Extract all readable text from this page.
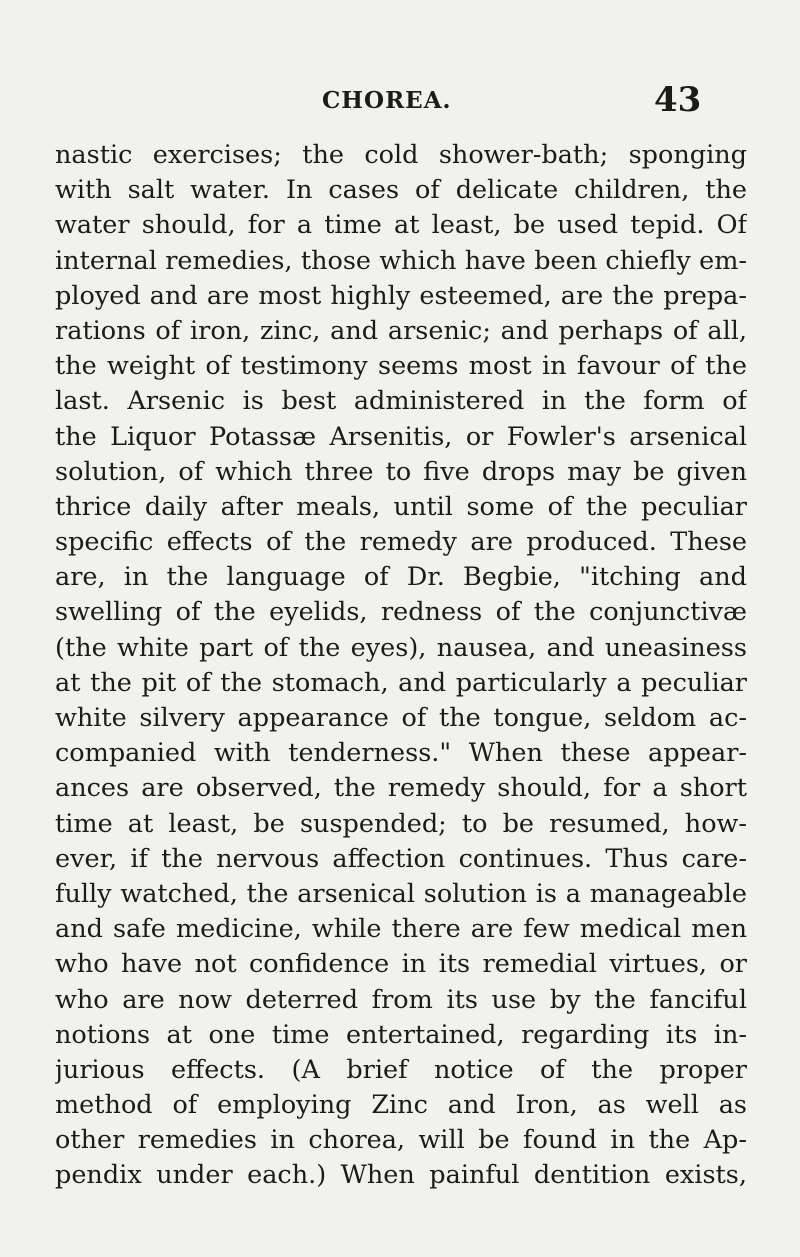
CHOREA.	43
nastic exercises; the cold shower-bath; sponging
with salt water. In cases of delicate children, the
water should, for a time at least, be used tepid. Of
internal remedies, those which have been chiefly em-
ployed and are most highly esteemed, are the prepa-
rations of iron, zinc, and arsenic; and perhaps of all,
the weight of testimony seems most in favour of the
last. Arsenic is best administered in the form of
the Liquor Potassæ Arsenitis, or Fowler's arsenical
solution, of which three to five drops may be given
thrice daily after meals, until some of the peculiar
specific effects of the remedy are produced. These
are, in the language of Dr. Begbie, "itching and
swelling of the eyelids, redness of the conjunctivæ
(the white part of the eyes), nausea, and uneasiness
at the pit of the stomach, and particularly a peculiar
white silvery appearance of the tongue, seldom ac-
companied with tenderness." When these appear-
ances are observed, the remedy should, for a short
time at least, be suspended; to be resumed, how-
ever, if the nervous affection continues. Thus care-
fully watched, the arsenical solution is a manageable
and safe medicine, while there are few medical men
who have not confidence in its remedial virtues, or
who are now deterred from its use by the fanciful
notions at one time entertained, regarding its in-
jurious effects. (A brief notice of the proper
method of employing Zinc and Iron, as well as
other remedies in chorea, will be found in the Ap-
pendix under each.) When painful dentition exists,
